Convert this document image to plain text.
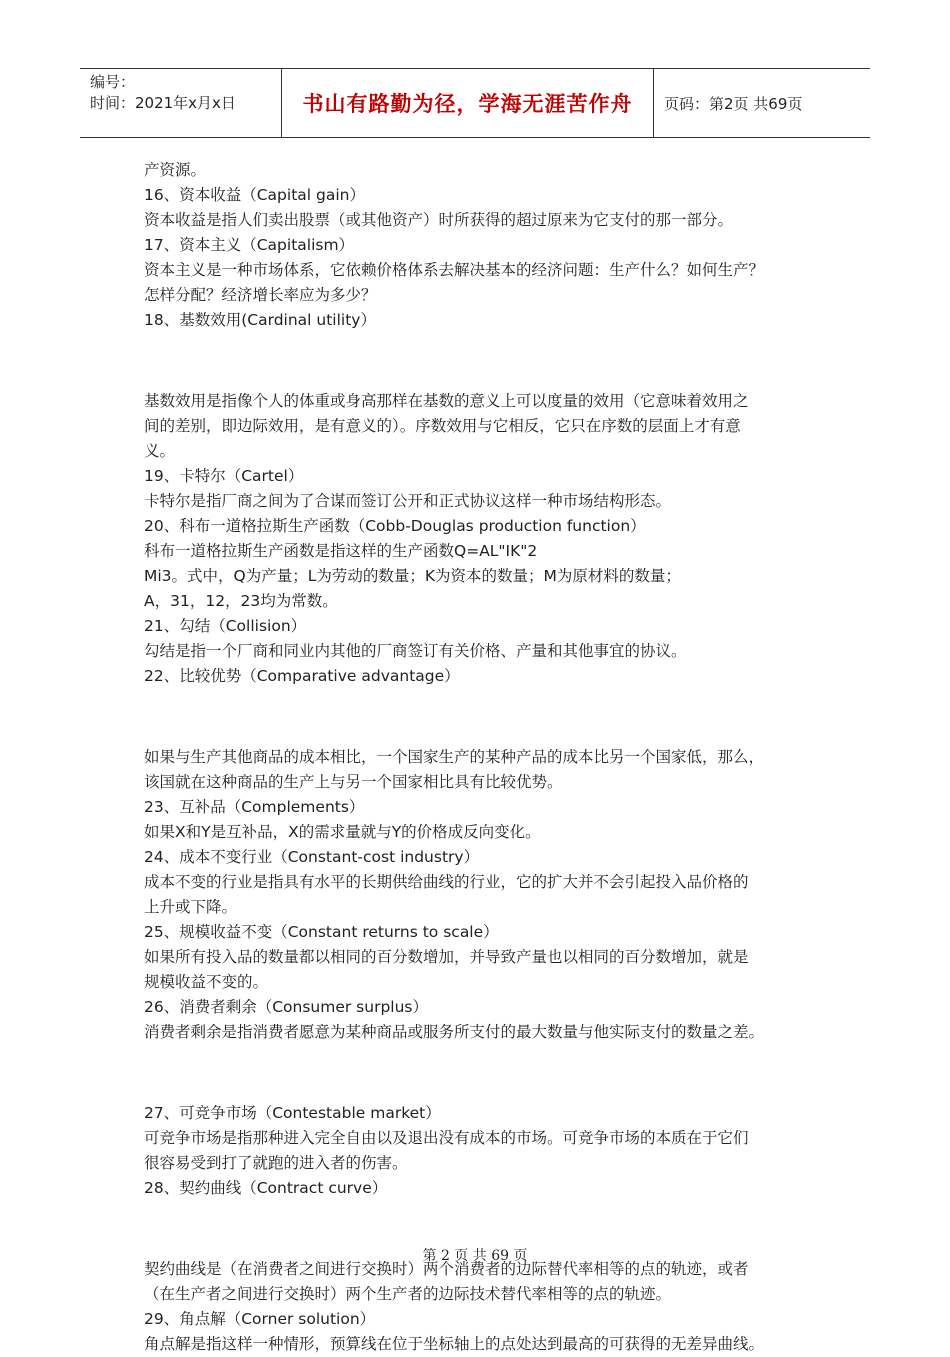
编号：
时间：2021年x月x日	书山有路勤为径，学海无涯苦作舟	页码：第2页 共69页

产资源。

16、资本收益（Capital gain）

资本收益是指人们卖出股票（或其他资产）时所获得的超过原来为它支付的那一部分。

17、资本主义（Capitalism）

资本主义是一种市场体系，它依赖价格体系去解决基本的经济问题：生产什么？如何生产？

怎样分配？经济增长率应为多少？

18、基数效用(Cardinal utility）

基数效用是指像个人的体重或身高那样在基数的意义上可以度量的效用（它意味着效用之

间的差别，即边际效用，是有意义的）。序数效用与它相反，它只在序数的层面上才有意

义。

19、卡特尔（Cartel）

卡特尔是指厂商之间为了合谋而签订公开和正式协议这样一种市场结构形态。

20、科布一道格拉斯生产函数（Cobb-Douglas production function）

科布一道格拉斯生产函数是指这样的生产函数Q=AL"IK"2

Mi3。式中，Q为产量；L为劳动的数量；K为资本的数量；M为原材料的数量；

A，31，12，23均为常数。

21、勾结（Collision）

勾结是指一个厂商和同业内其他的厂商签订有关价格、产量和其他事宜的协议。

22、比较优势（Comparative advantage）

如果与生产其他商品的成本相比，一个国家生产的某种产品的成本比另一个国家低，那么，

该国就在这种商品的生产上与另一个国家相比具有比较优势。

23、互补品（Complements）

如果X和Y是互补品，X的需求量就与Y的价格成反向变化。

24、成本不变行业（Constant-cost industry）

成本不变的行业是指具有水平的长期供给曲线的行业，它的扩大并不会引起投入品价格的

上升或下降。

25、规模收益不变（Constant returns to scale）

如果所有投入品的数量都以相同的百分数增加，并导致产量也以相同的百分数增加，就是

规模收益不变的。

26、消费者剩余（Consumer surplus）

消费者剩余是指消费者愿意为某种商品或服务所支付的最大数量与他实际支付的数量之差。

27、可竞争市场（Contestable market）

可竞争市场是指那种进入完全自由以及退出没有成本的市场。可竞争市场的本质在于它们

很容易受到打了就跑的进入者的伤害。

28、契约曲线（Contract curve）

契约曲线是（在消费者之间进行交换时）两个消费者的边际替代率相等的点的轨迹，或者

（在生产者之间进行交换时）两个生产者的边际技术替代率相等的点的轨迹。

29、角点解（Corner solution）

角点解是指这样一种情形，预算线在位于坐标轴上的点处达到最高的可获得的无差异曲线。

第 2 页 共 69 页
